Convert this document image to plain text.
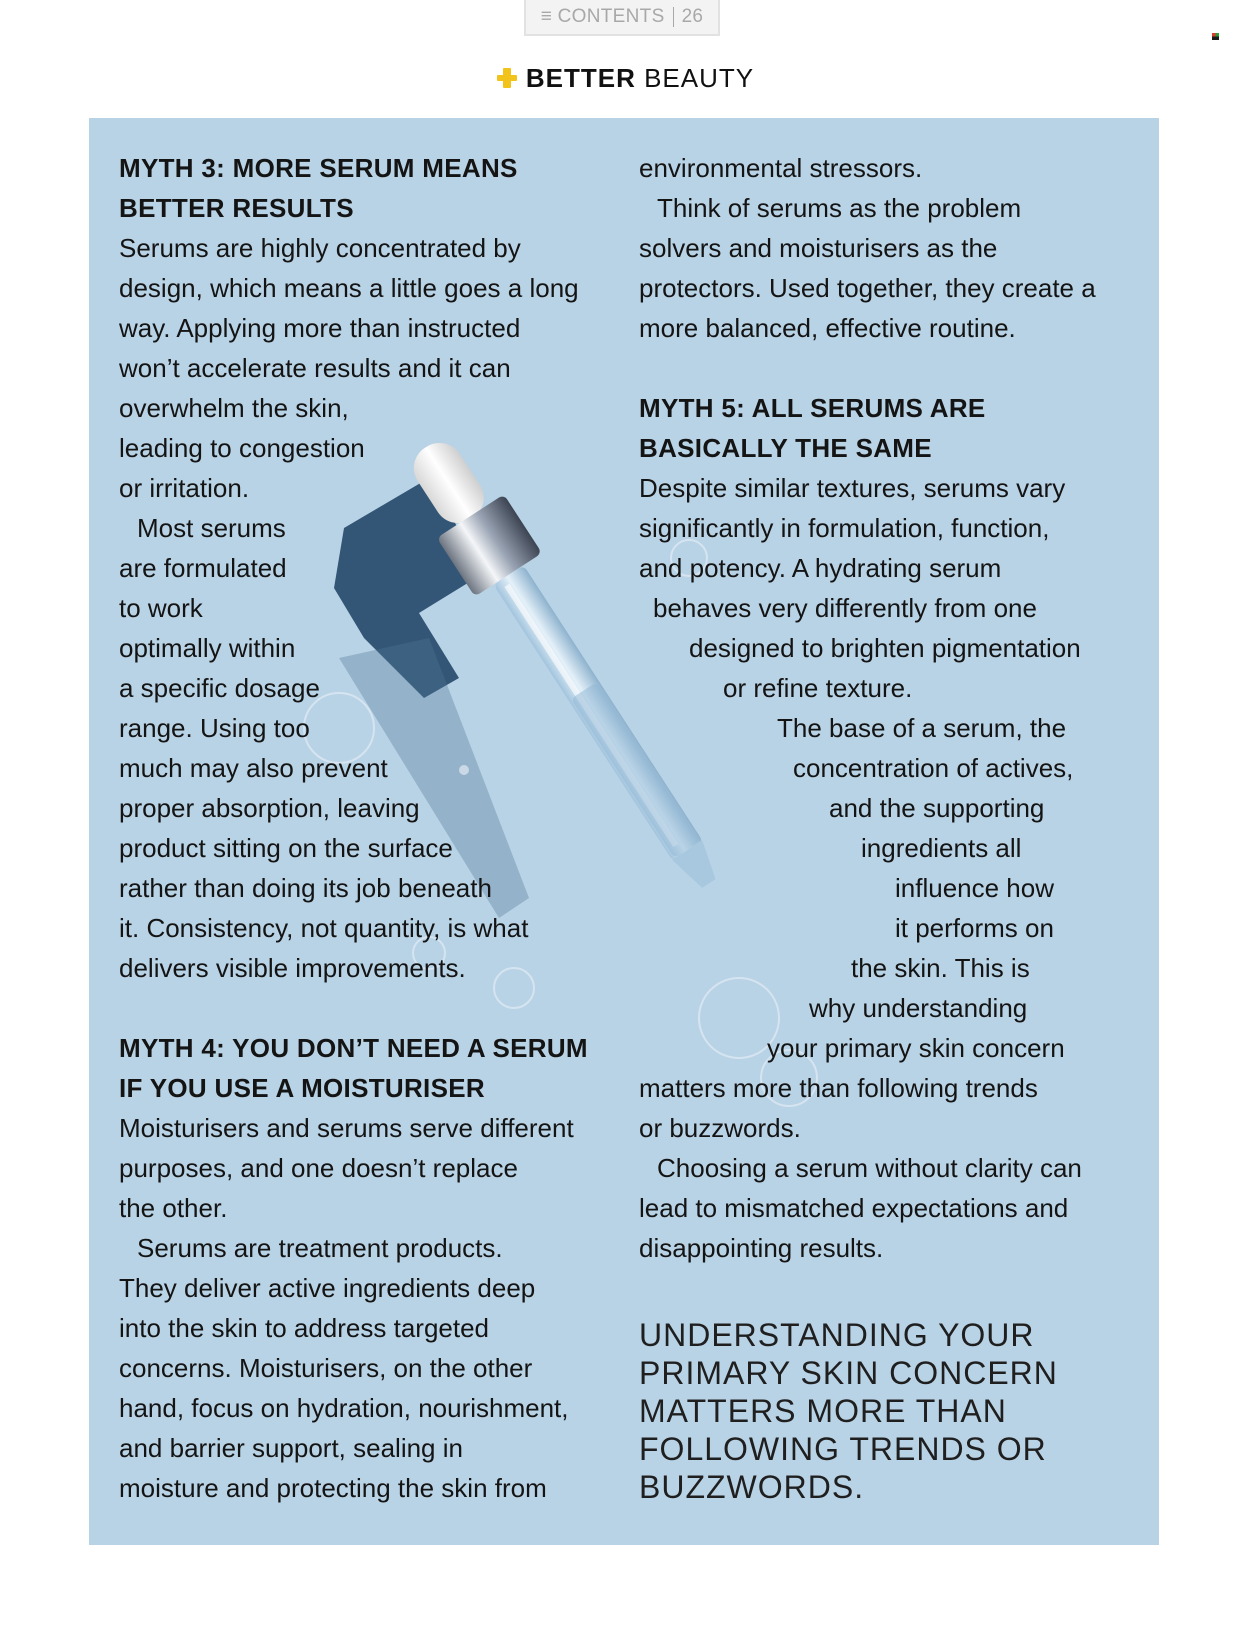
≡ CONTENTS 26
BETTER BEAUTY
MYTH 3: MORE SERUM MEANS
BETTER RESULTS
Serums are highly concentrated by
design, which means a little goes a long
way. Applying more than instructed
won’t accelerate results and it can
overwhelm the skin,
leading to congestion
or irritation.
Most serums
are formulated
to work
optimally within
a specific dosage
range. Using too
much may also prevent
proper absorption, leaving
product sitting on the surface
rather than doing its job beneath
it. Consistency, not quantity, is what
delivers visible improvements.
MYTH 4: YOU DON’T NEED A SERUM
IF YOU USE A MOISTURISER
Moisturisers and serums serve different
purposes, and one doesn’t replace
the other.
Serums are treatment products.
They deliver active ingredients deep
into the skin to address targeted
concerns. Moisturisers, on the other
hand, focus on hydration, nourishment,
and barrier support, sealing in
moisture and protecting the skin from
environmental stressors.
Think of serums as the problem
solvers and moisturisers as the
protectors. Used together, they create a
more balanced, effective routine.
MYTH 5: ALL SERUMS ARE
BASICALLY THE SAME
Despite similar textures, serums vary
significantly in formulation, function,
and potency. A hydrating serum
behaves very differently from one
designed to brighten pigmentation
or refine texture.
The base of a serum, the
concentration of actives,
and the supporting
ingredients all
influence how
it performs on
the skin. This is
why understanding
your primary skin concern
matters more than following trends
or buzzwords.
Choosing a serum without clarity can
lead to mismatched expectations and
disappointing results.
UNDERSTANDING YOUR
PRIMARY SKIN CONCERN
MATTERS MORE THAN
FOLLOWING TRENDS OR
BUZZWORDS.
